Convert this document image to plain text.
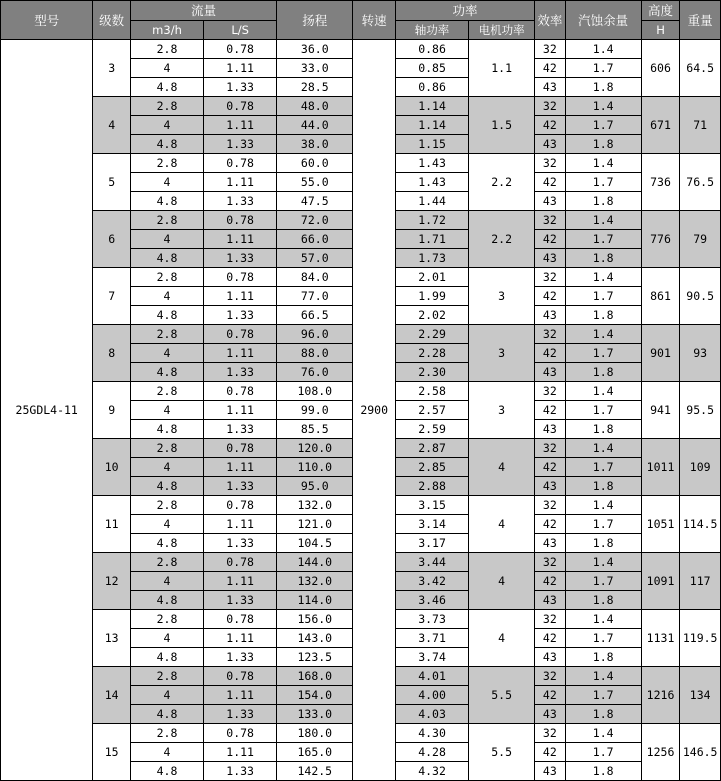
型号	级数	流量		扬程	转速	功率		效率	汽蚀余量	高度	重量
		m3/h	L/S			轴功率	电机功率			H	
25GDL4-11	3	2.8	0.78	36.0	2900	0.86	1.1	32	1.4	606	64.5
		4	1.11	33.0		0.85		42	1.7		
		4.8	1.33	28.5		0.86		43	1.8		
	4	2.8	0.78	48.0		1.14	1.5	32	1.4	671	71
		4	1.11	44.0		1.14		42	1.7		
		4.8	1.33	38.0		1.15		43	1.8		
	5	2.8	0.78	60.0		1.43	2.2	32	1.4	736	76.5
		4	1.11	55.0		1.43		42	1.7		
		4.8	1.33	47.5		1.44		43	1.8		
	6	2.8	0.78	72.0		1.72	2.2	32	1.4	776	79
		4	1.11	66.0		1.71		42	1.7		
		4.8	1.33	57.0		1.73		43	1.8		
	7	2.8	0.78	84.0		2.01	3	32	1.4	861	90.5
		4	1.11	77.0		1.99		42	1.7		
		4.8	1.33	66.5		2.02		43	1.8		
	8	2.8	0.78	96.0		2.29	3	32	1.4	901	93
		4	1.11	88.0		2.28		42	1.7		
		4.8	1.33	76.0		2.30		43	1.8		
	9	2.8	0.78	108.0		2.58	3	32	1.4	941	95.5
		4	1.11	99.0		2.57		42	1.7		
		4.8	1.33	85.5		2.59		43	1.8		
	10	2.8	0.78	120.0		2.87	4	32	1.4	1011	109
		4	1.11	110.0		2.85		42	1.7		
		4.8	1.33	95.0		2.88		43	1.8		
	11	2.8	0.78	132.0		3.15	4	32	1.4	1051	114.5
		4	1.11	121.0		3.14		42	1.7		
		4.8	1.33	104.5		3.17		43	1.8		
	12	2.8	0.78	144.0		3.44	4	32	1.4	1091	117
		4	1.11	132.0		3.42		42	1.7		
		4.8	1.33	114.0		3.46		43	1.8		
	13	2.8	0.78	156.0		3.73	4	32	1.4	1131	119.5
		4	1.11	143.0		3.71		42	1.7		
		4.8	1.33	123.5		3.74		43	1.8		
	14	2.8	0.78	168.0		4.01	5.5	32	1.4	1216	134
		4	1.11	154.0		4.00		42	1.7		
		4.8	1.33	133.0		4.03		43	1.8		
	15	2.8	0.78	180.0		4.30	5.5	32	1.4	1256	146.5
		4	1.11	165.0		4.28		42	1.7		
		4.8	1.33	142.5		4.32		43	1.8		
